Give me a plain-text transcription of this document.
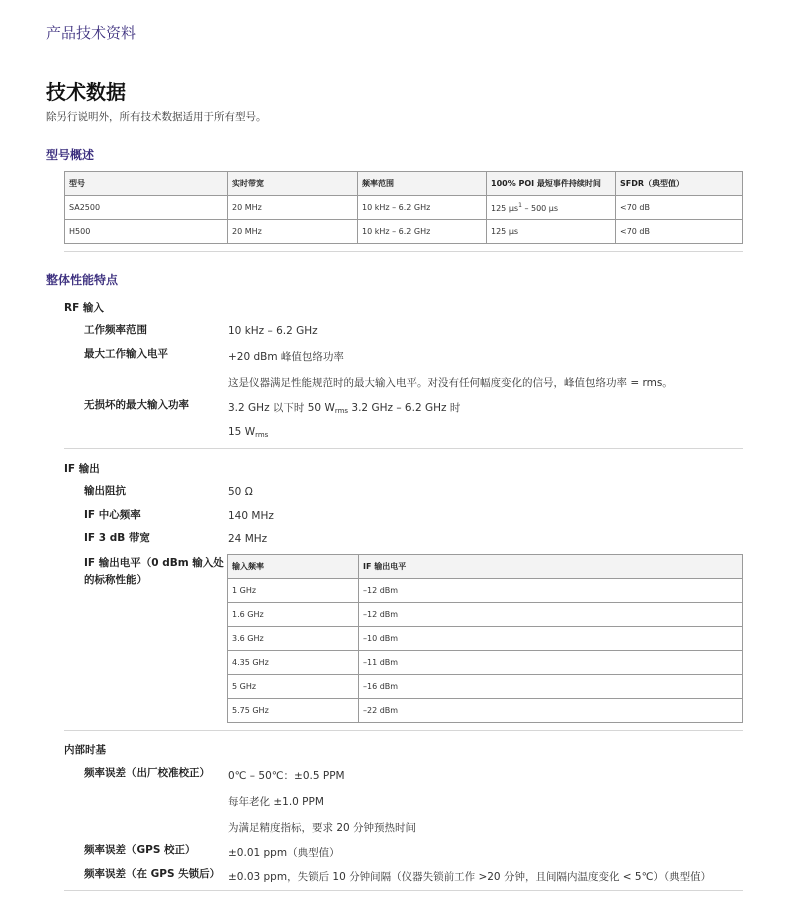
产品技术资料
技术数据
除另行说明外，所有技术数据适用于所有型号。
型号概述
型号	实时带宽	频率范围	100% POI 最短事件持续时间	SFDR（典型值）
SA2500	20 MHz	10 kHz – 6.2 GHz	125 µs$^1$ – 500 µs	<70 dB
H500	20 MHz	10 kHz – 6.2 GHz	125 µs	<70 dB
整体性能特点
RF 输入
工作频率范围	10 kHz – 6.2 GHz
最大工作输入电平	+20 dBm 峰值包络功率
这是仪器满足性能规范时的最大输入电平。对没有任何幅度变化的信号，峰值包络功率 = rms。
无损坏的最大输入功率	3.2 GHz 以下时 50 $W_{rms}$ 3.2 GHz – 6.2 GHz 时
15 $W_{rms}$
IF 输出
输出阻抗	50 Ω
IF 中心频率	140 MHz
IF 3 dB 带宽	24 MHz
IF 输出电平（0 dBm 输入处
的标称性能）
输入频率	IF 输出电平
1 GHz	–12 dBm
1.6 GHz	–12 dBm
3.6 GHz	–10 dBm
4.35 GHz	–11 dBm
5 GHz	–16 dBm
5.75 GHz	–22 dBm
内部时基
频率误差（出厂校准校正） 0℃ – 50℃：±0.5 PPM
每年老化 ±1.0 PPM
为满足精度指标，要求 20 分钟预热时间
频率误差（GPS 校正）	±0.01 ppm（典型值）
频率误差（在 GPS 失锁后） ±0.03 ppm，失锁后 10 分钟间隔（仪器失锁前工作 >20 分钟，且间隔内温度变化 < 5℃）（典型值）
